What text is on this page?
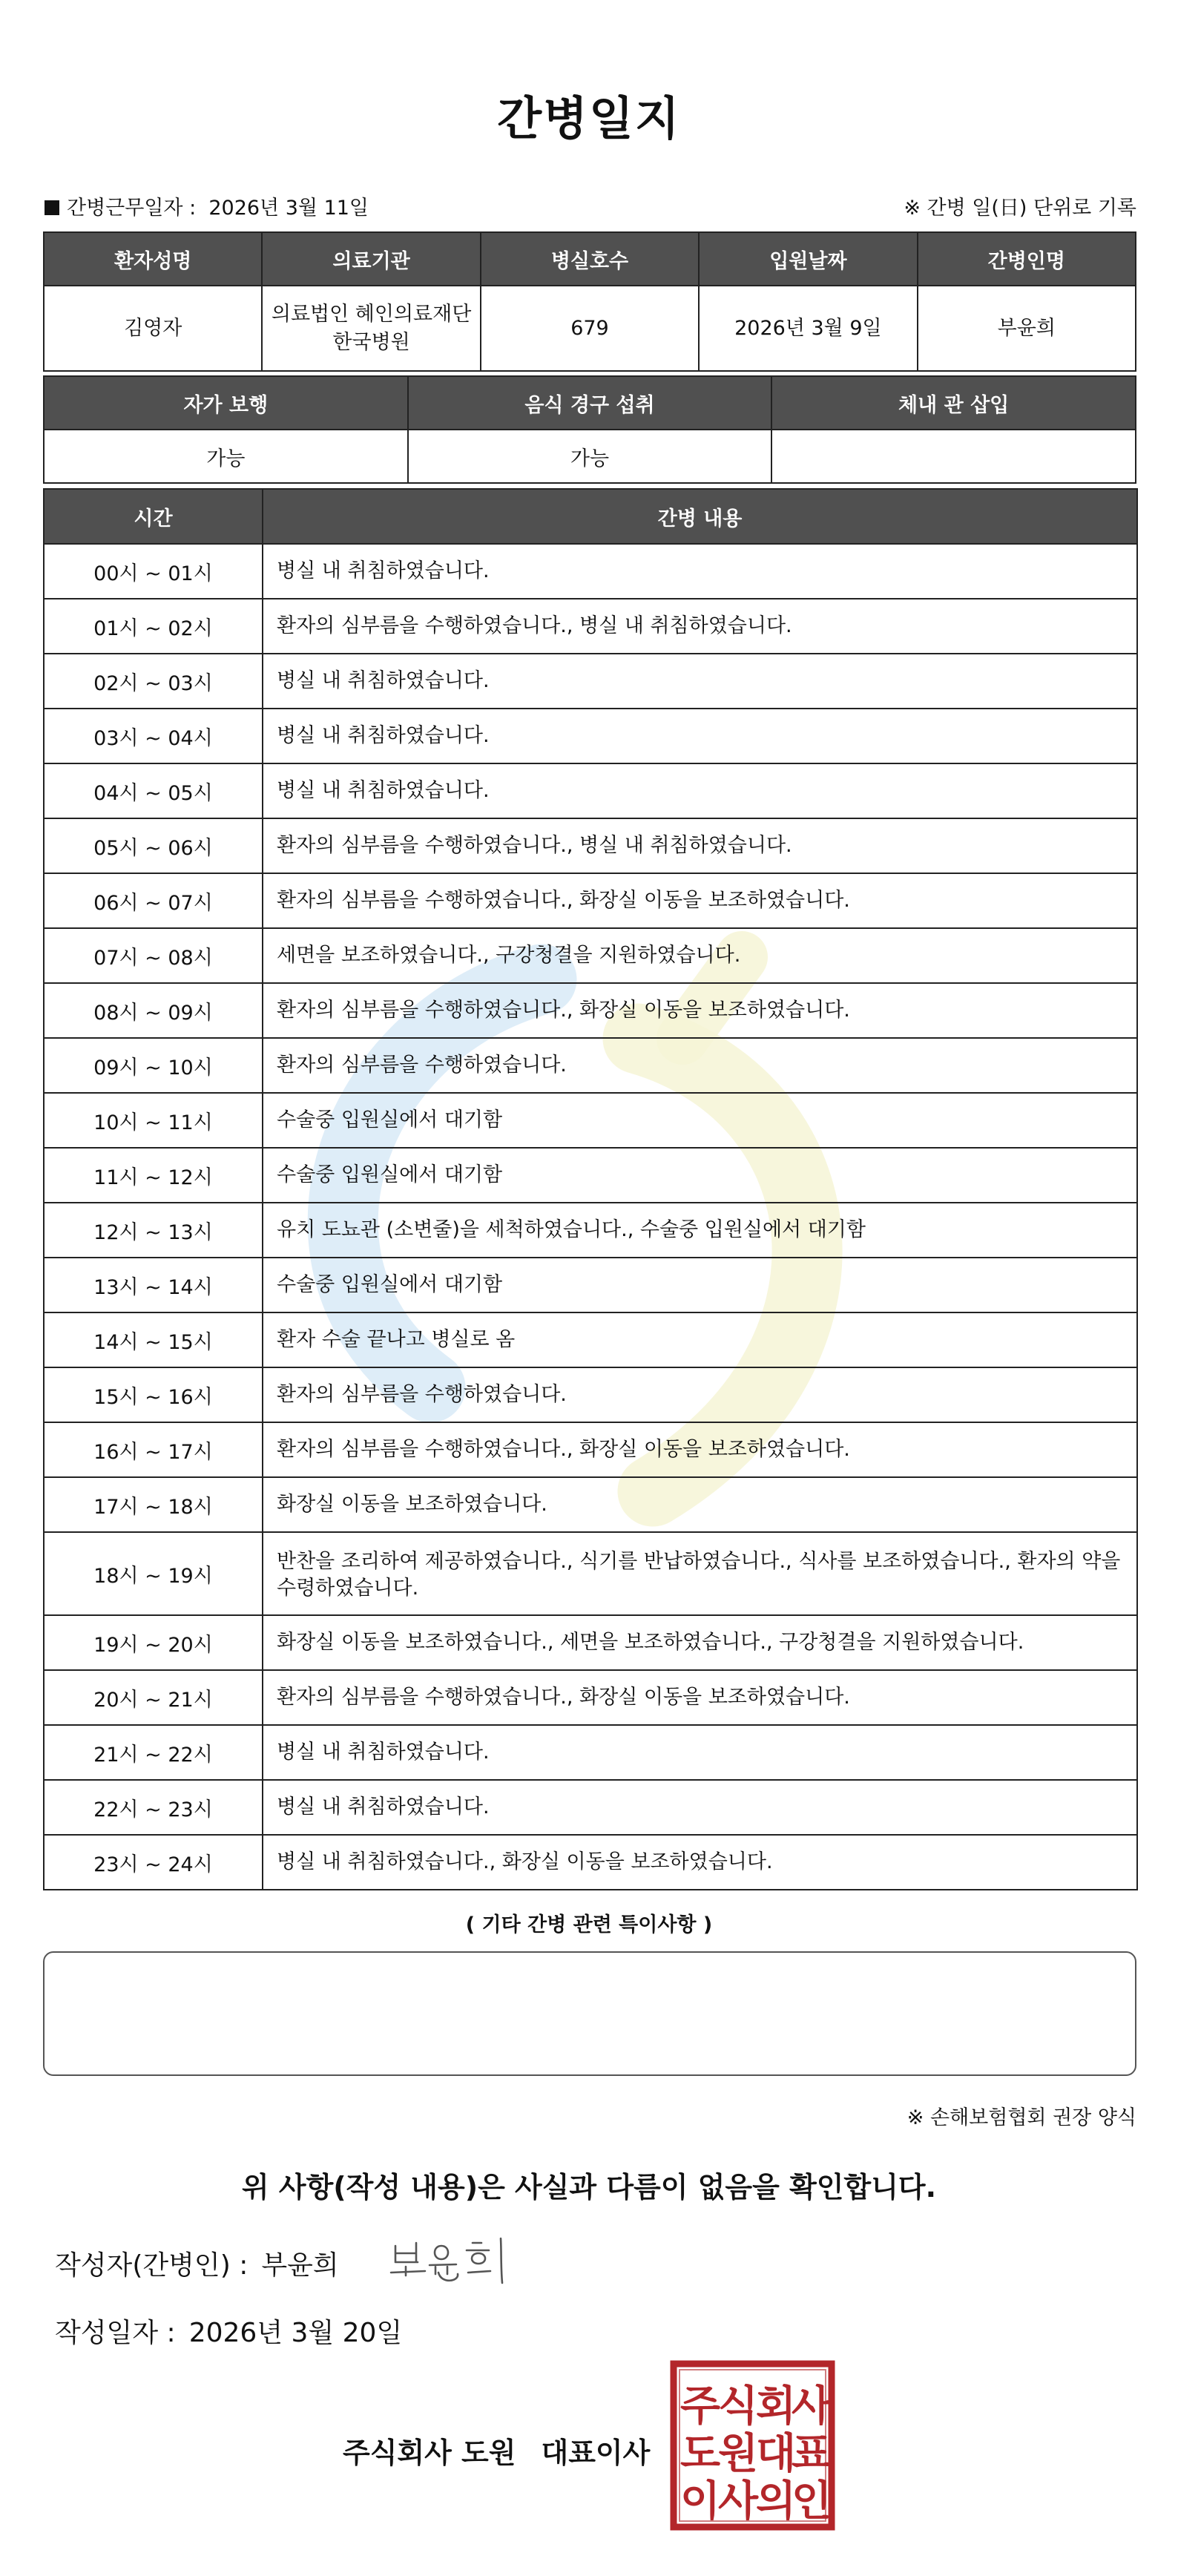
간병일지
간병근무일자 : 2026년 3월 11일	※ 간병 일(日) 단위로 기록
환자성명	의료기관	병실호수	입원날짜	간병인명
김영자	의료법인 혜인의료재단 한국병원	679	2026년 3월 9일	부윤희
자가 보행	음식 경구 섭취	체내 관 삽입
가능	가능	
시간	간병 내용
00시 ~ 01시	병실 내 취침하였습니다.
01시 ~ 02시	환자의 심부름을 수행하였습니다., 병실 내 취침하였습니다.
02시 ~ 03시	병실 내 취침하였습니다.
03시 ~ 04시	병실 내 취침하였습니다.
04시 ~ 05시	병실 내 취침하였습니다.
05시 ~ 06시	환자의 심부름을 수행하였습니다., 병실 내 취침하였습니다.
06시 ~ 07시	환자의 심부름을 수행하였습니다., 화장실 이동을 보조하였습니다.
07시 ~ 08시	세면을 보조하였습니다., 구강청결을 지원하였습니다.
08시 ~ 09시	환자의 심부름을 수행하였습니다., 화장실 이동을 보조하였습니다.
09시 ~ 10시	환자의 심부름을 수행하였습니다.
10시 ~ 11시	수술중 입원실에서 대기함
11시 ~ 12시	수술중 입원실에서 대기함
12시 ~ 13시	유치 도뇨관 (소변줄)을 세척하였습니다., 수술중 입원실에서 대기함
13시 ~ 14시	수술중 입원실에서 대기함
14시 ~ 15시	환자 수술 끝나고 병실로 옴
15시 ~ 16시	환자의 심부름을 수행하였습니다.
16시 ~ 17시	환자의 심부름을 수행하였습니다., 화장실 이동을 보조하였습니다.
17시 ~ 18시	화장실 이동을 보조하였습니다.
18시 ~ 19시	반찬을 조리하여 제공하였습니다., 식기를 반납하였습니다., 식사를 보조하였습니다., 환자의 약을 수령하였습니다.
19시 ~ 20시	화장실 이동을 보조하였습니다., 세면을 보조하였습니다., 구강청결을 지원하였습니다.
20시 ~ 21시	환자의 심부름을 수행하였습니다., 화장실 이동을 보조하였습니다.
21시 ~ 22시	병실 내 취침하였습니다.
22시 ~ 23시	병실 내 취침하였습니다.
23시 ~ 24시	병실 내 취침하였습니다., 화장실 이동을 보조하였습니다.
( 기타 간병 관련 특이사항 )
※ 손해보험협회 권장 양식
위 사항(작성 내용)은 사실과 다름이 없음을 확인합니다.
작성자(간병인) : 부윤희
작성일자 : 2026년 3월 20일
주식회사 도원 대표이사
주
식
회
사
도
원
대
표
이
사
의
인
